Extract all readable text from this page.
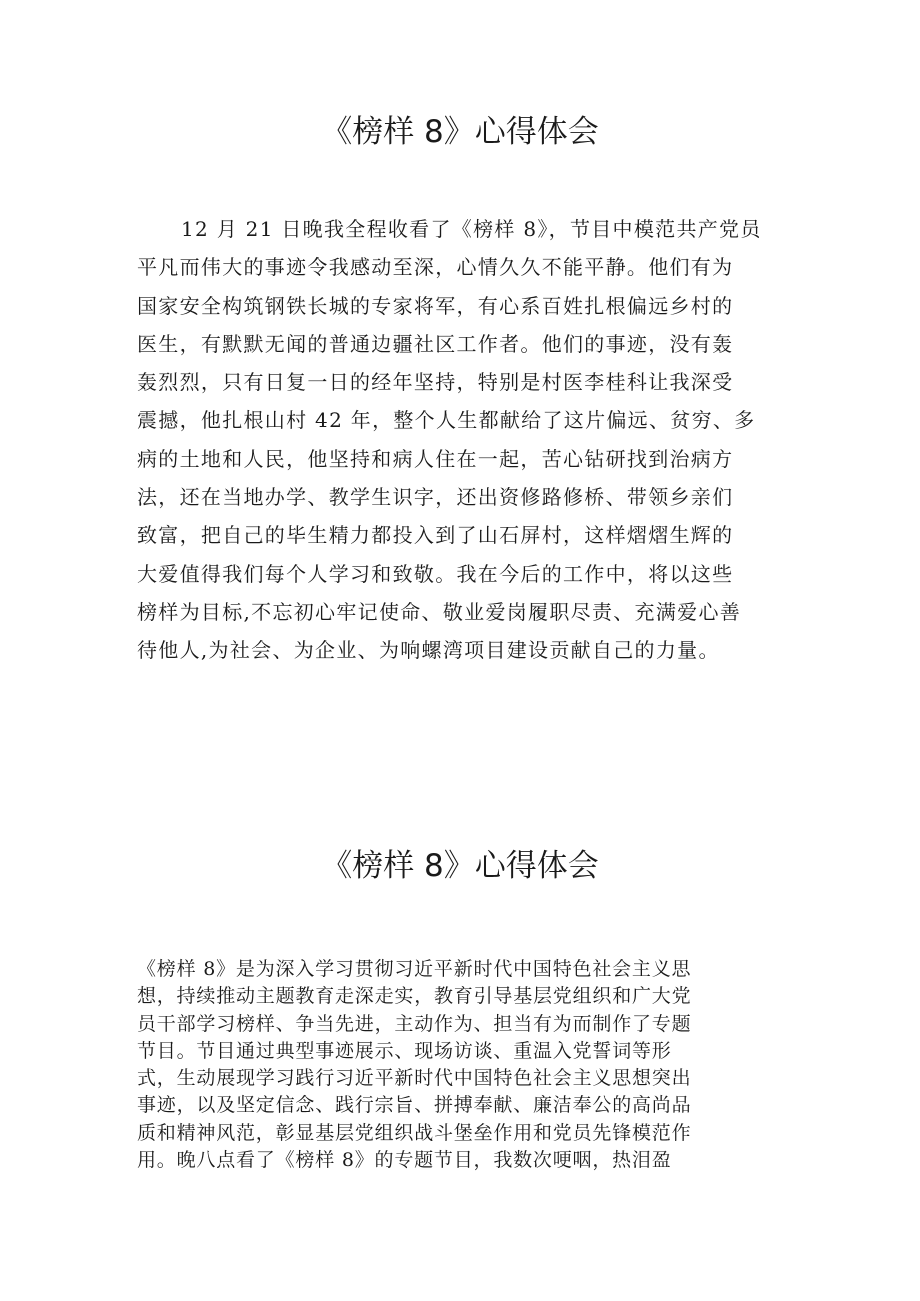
《榜样 8》心得体会
12 月 21 日晚我全程收看了《榜样 8》，节目中模范共产党员
平凡而伟大的事迹令我感动至深，心情久久不能平静。他们有为
国家安全构筑钢铁长城的专家将军，有心系百姓扎根偏远乡村的
医生，有默默无闻的普通边疆社区工作者。他们的事迹，没有轰
轰烈烈，只有日复一日的经年坚持，特别是村医李桂科让我深受
震撼，他扎根山村 42 年，整个人生都献给了这片偏远、贫穷、多
病的土地和人民，他坚持和病人住在一起，苦心钻研找到治病方
法，还在当地办学、教学生识字，还出资修路修桥、带领乡亲们
致富，把自己的毕生精力都投入到了山石屏村，这样熠熠生辉的
大爱值得我们每个人学习和致敬。我在今后的工作中，将以这些
榜样为目标,不忘初心牢记使命、敬业爱岗履职尽责、充满爱心善
待他人,为社会、为企业、为响螺湾项目建设贡献自己的力量。
《榜样 8》心得体会
《榜样 8》是为深入学习贯彻习近平新时代中国特色社会主义思
想，持续推动主题教育走深走实，教育引导基层党组织和广大党
员干部学习榜样、争当先进，主动作为、担当有为而制作了专题
节目。节目通过典型事迹展示、现场访谈、重温入党誓词等形
式，生动展现学习践行习近平新时代中国特色社会主义思想突出
事迹，以及坚定信念、践行宗旨、拼搏奉献、廉洁奉公的高尚品
质和精神风范，彰显基层党组织战斗堡垒作用和党员先锋模范作
用。晚八点看了《榜样 8》的专题节目，我数次哽咽，热泪盈
